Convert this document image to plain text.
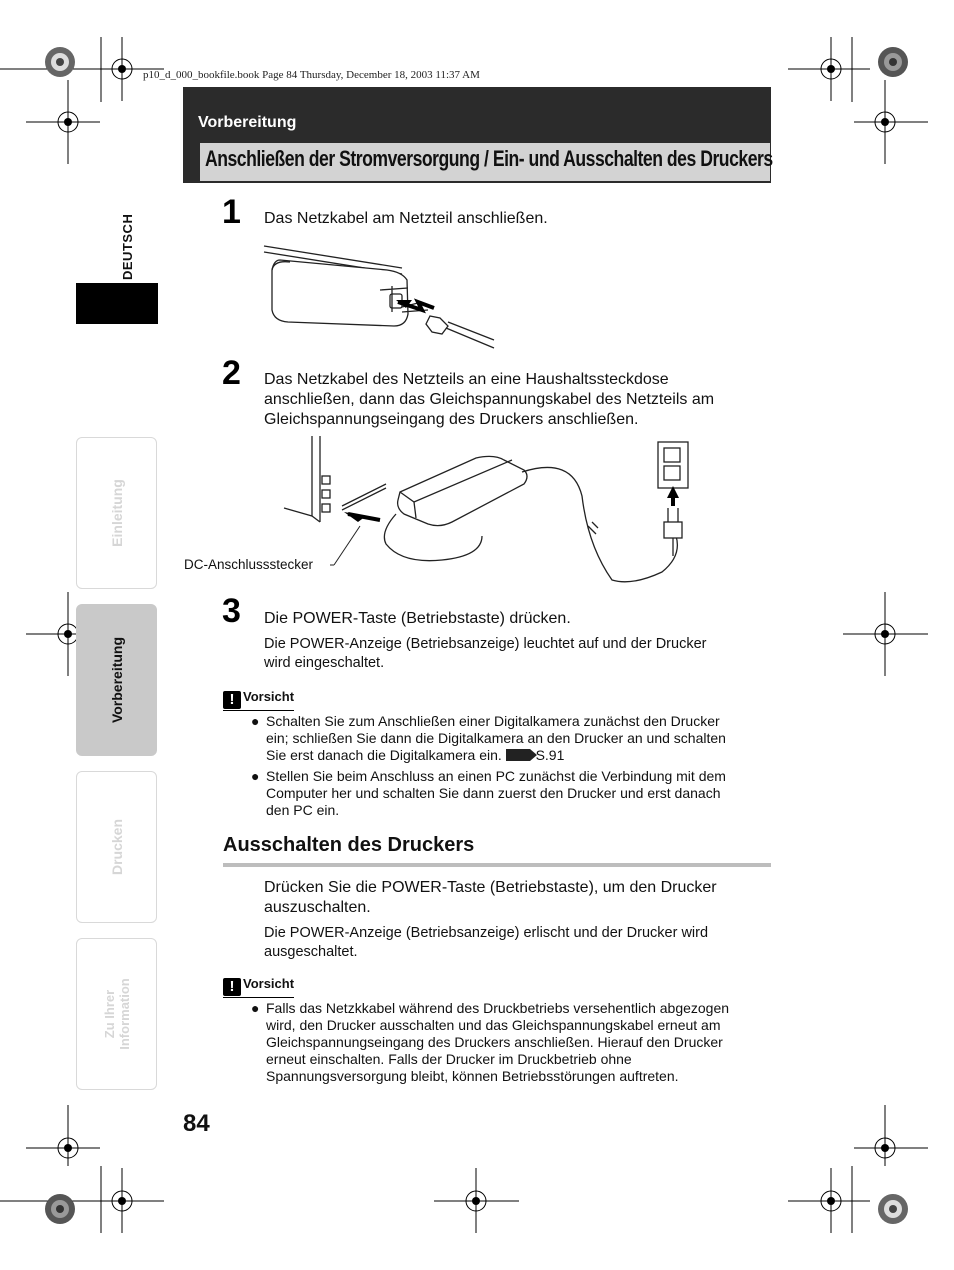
p10_d_000_bookfile.book Page 84 Thursday, December 18, 2003 11:37 AM
Vorbereitung
Anschließen der Stromversorgung / Ein- und Ausschalten des Druckers
DEUTSCH
Einleitung
Vorbereitung
Drucken
Zu Ihrer
Information
1 Das Netzkabel am Netzteil anschließen.
2 Das Netzkabel des Netzteils an eine Haushaltssteckdose
anschließen, dann das Gleichspannungskabel des Netzteils am
Gleichspannungseingang des Druckers anschließen.
DC-Anschlussstecker
3 Die POWER-Taste (Betriebstaste) drücken.
Die POWER-Anzeige (Betriebsanzeige) leuchtet auf und der Drucker
wird eingeschaltet.
! Vorsicht
● Schalten Sie zum Anschließen einer Digitalkamera zunächst den Drucker
ein; schließen Sie dann die Digitalkamera an den Drucker an und schalten
Sie erst danach die Digitalkamera ein. S.91
● Stellen Sie beim Anschluss an einen PC zunächst die Verbindung mit dem
Computer her und schalten Sie dann zuerst den Drucker und erst danach
den PC ein.
Ausschalten des Druckers
Drücken Sie die POWER-Taste (Betriebstaste), um den Drucker
auszuschalten.
Die POWER-Anzeige (Betriebsanzeige) erlischt und der Drucker wird
ausgeschaltet.
! Vorsicht
● Falls das Netzkkabel während des Druckbetriebs versehentlich abgezogen
wird, den Drucker ausschalten und das Gleichspannungskabel erneut am
Gleichspannungseingang des Druckers anschließen. Hierauf den Drucker
erneut einschalten. Falls der Drucker im Druckbetrieb ohne
Spannungsversorgung bleibt, können Betriebsstörungen auftreten.
84
